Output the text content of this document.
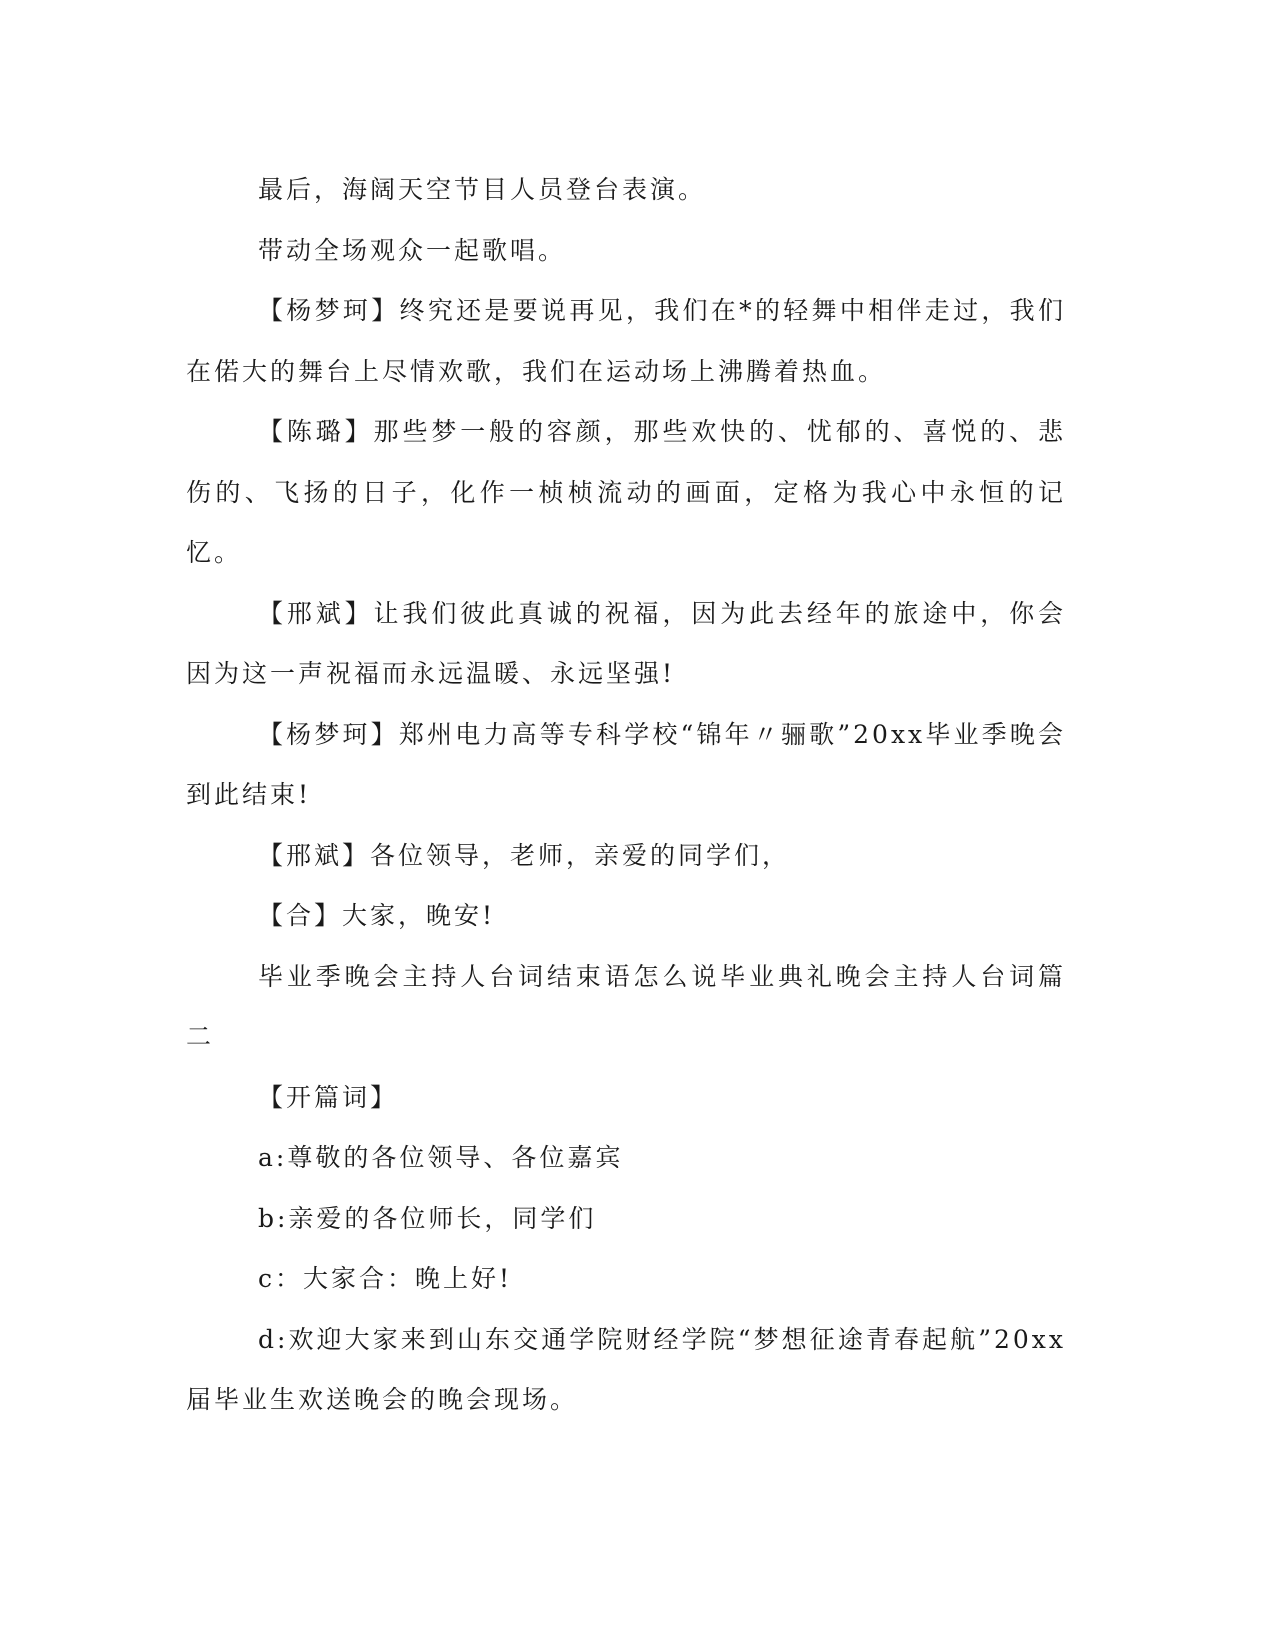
最后，海阔天空节目人员登台表演。

带动全场观众一起歌唱。

【杨梦珂】终究还是要说再见，我们在*的轻舞中相伴走过，我们在偌大的舞台上尽情欢歌，我们在运动场上沸腾着热血。

【陈璐】那些梦一般的容颜，那些欢快的、忧郁的、喜悦的、悲伤的、飞扬的日子，化作一桢桢流动的画面，定格为我心中永恒的记忆。

【邢斌】让我们彼此真诚的祝福，因为此去经年的旅途中，你会因为这一声祝福而永远温暖、永远坚强!

【杨梦珂】郑州电力高等专科学校“锦年〃骊歌”20xx毕业季晚会到此结束!

【邢斌】各位领导，老师，亲爱的同学们，

【合】大家，晚安!

毕业季晚会主持人台词结束语怎么说毕业典礼晚会主持人台词篇二

【开篇词】

a:尊敬的各位领导、各位嘉宾

b:亲爱的各位师长，同学们

c：大家合：晚上好!

d:欢迎大家来到山东交通学院财经学院“梦想征途青春起航”20xx届毕业生欢送晚会的晚会现场。
